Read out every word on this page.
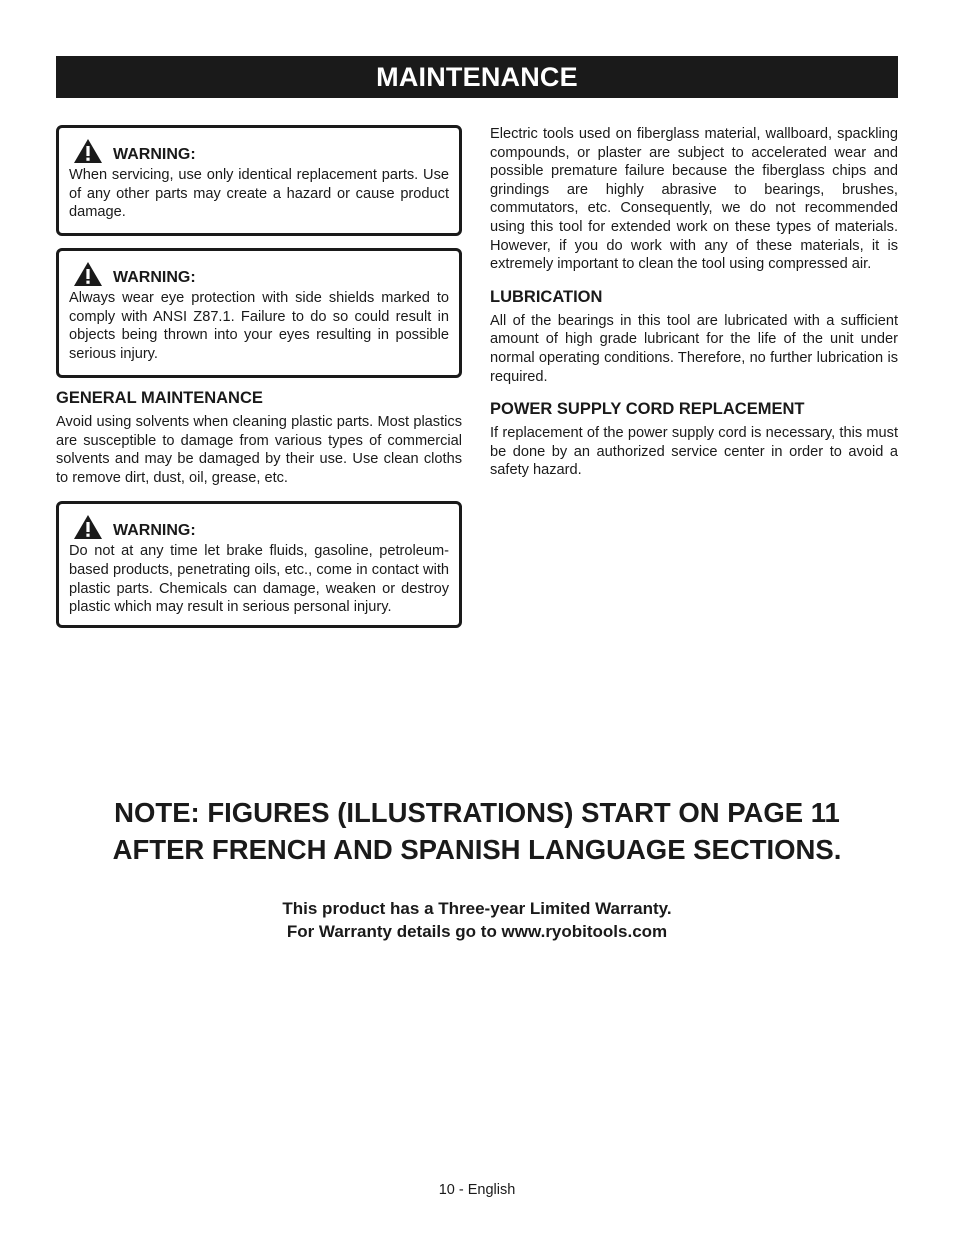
MAINTENANCE
WARNING:

When servicing, use only identical replacement parts. Use of any other parts may create a hazard or cause product damage.

WARNING:

Always wear eye protection with side shields marked to comply with ANSI Z87.1. Failure to do so could result in objects being thrown into your eyes resulting in possible serious injury.

GENERAL MAINTENANCE

Avoid using solvents when cleaning plastic parts. Most plastics are susceptible to damage from various types of commercial solvents and may be damaged by their use. Use clean cloths to remove dirt, dust, oil, grease, etc.

WARNING:

Do not at any time let brake fluids, gasoline, petroleum-based products, penetrating oils, etc., come in contact with plastic parts. Chemicals can damage, weaken or destroy plastic which may result in serious personal injury.

Electric tools used on fiberglass material, wallboard, spackling compounds, or plaster are subject to accelerated wear and possible premature failure because the fiberglass chips and grindings are highly abrasive to bearings, brushes, commutators, etc. Consequently, we do not recommended using this tool for extended work on these types of materials. However, if you do work with any of these materials, it is extremely important to clean the tool using compressed air.

LUBRICATION

All of the bearings in this tool are lubricated with a sufficient amount of high grade lubricant for the life of the unit under normal operating conditions. Therefore, no further lubrication is required.

POWER SUPPLY CORD REPLACEMENT

If replacement of the power supply cord is necessary, this must be done by an authorized service center in order to avoid a safety hazard.

NOTE: FIGURES (ILLUSTRATIONS) START ON PAGE 11
AFTER FRENCH AND SPANISH LANGUAGE SECTIONS.
This product has a Three-year Limited Warranty.
For Warranty details go to www.ryobitools.com
10 - English
